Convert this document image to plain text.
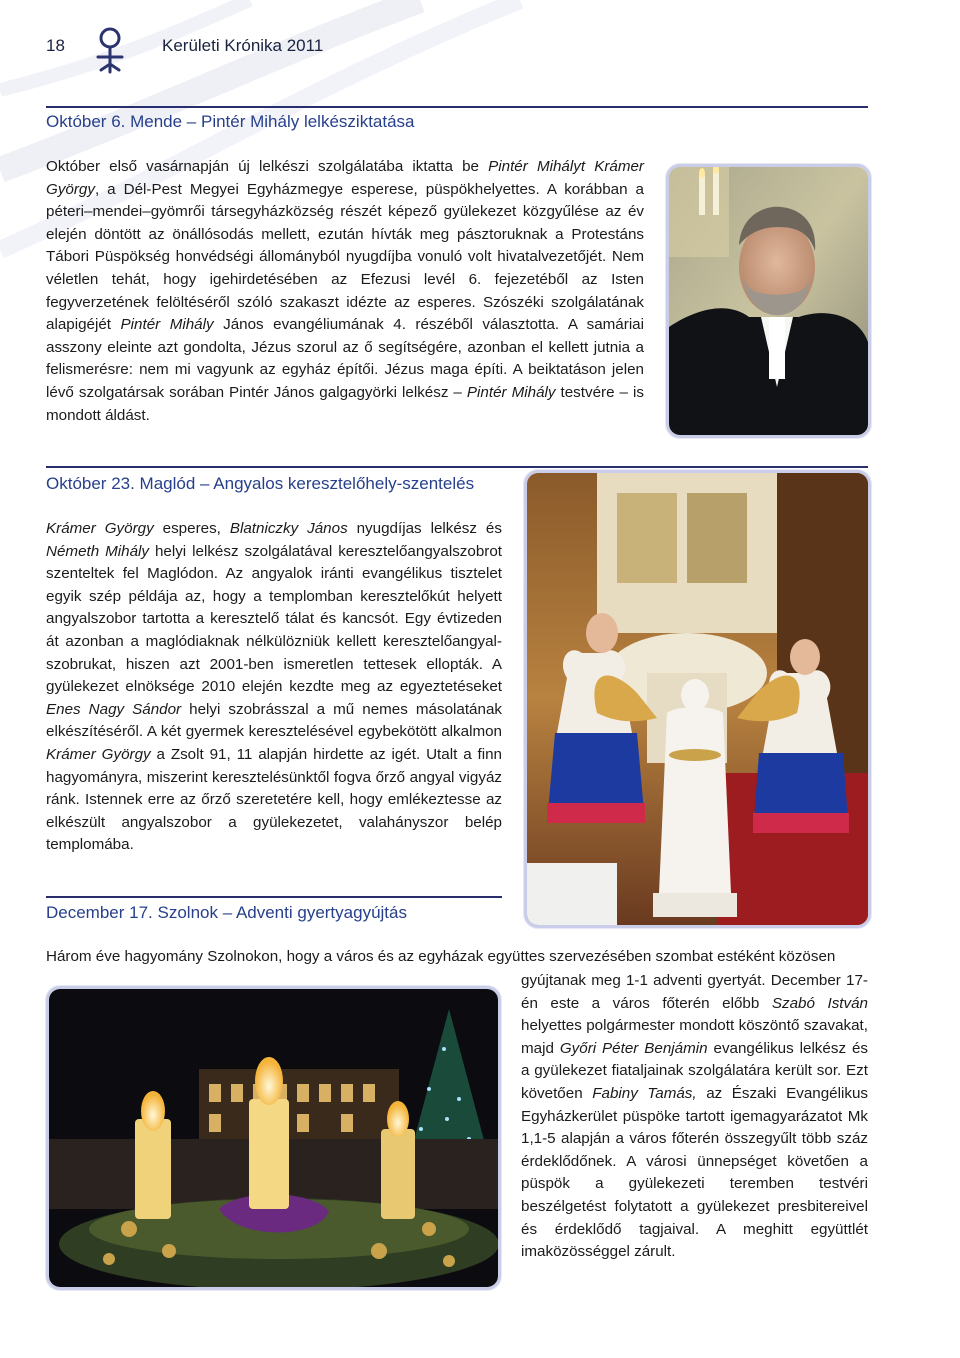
18	Kerületi Krónika 2011
Október 6. Mende – Pintér Mihály lelkésziktatása
Október első vasárnapján új lelkészi szolgálatába iktatta be Pintér Mihályt Krámer György, a Dél-Pest Megyei Egyházmegye esperese, püspökhelyettes. A korábban a péteri–mendei–gyömrői társegyházközség részét képező gyülekezet közgyűlése az év elején döntött az önállósodás mellett, ezután hívták meg pásztoruknak a Protestáns Tábori Püspökség honvédségi állományból nyugdíjba vonuló volt hivatalvezetőjét. Nem véletlen tehát, hogy igehirdetésében az Efezusi levél 6. fejezetéből az Isten fegyverzetének felöltéséről szóló szakaszt idézte az esperes. Szószéki szolgálatának alapigéjét Pintér Mihály János evangéliumának 4. részéből választotta. A samáriai asszony eleinte azt gondolta, Jézus szorul az ő segítségére, azonban el kellett jutnia a felismerésre: nem mi vagyunk az egyház építői. Jézus maga építi. A beiktatáson jelen lévő szolgatársak sorában Pintér János galgagyörki lelkész – Pintér Mihály testvére – is mondott áldást.
Október 23. Maglód – Angyalos keresztelőhely-szentelés
Krámer György esperes, Blatniczky János nyugdíjas lelkész és Németh Mihály helyi lelkész szolgálatával keresztelőangyalszobrot szenteltek fel Maglódon. Az angyalok iránti evangélikus tisztelet egyik szép példája az, hogy a templomban keresztelőkút helyett angyalszobor tartotta a keresztelő tálat és kancsót. Egy évtizeden át azonban a maglódiaknak nélkülözniük kellett keresztelőangyal-szobrukat, hiszen azt 2001-ben ismeretlen tettesek ellopták. A gyülekezet elnöksége 2010 elején kezdte meg az egyeztetéseket Enes Nagy Sándor helyi szobrásszal a mű nemes másolatának elkészítéséről. A két gyermek keresztelésével egybekötött alkalmon Krámer György a Zsolt 91, 11 alapján hirdette az igét. Utalt a finn hagyományra, miszerint keresztelésünktől fogva őrző angyal vigyáz ránk. Istennek erre az őrző szeretetére kell, hogy emlékeztesse az elkészült angyalszobor a gyülekezetet, valahányszor belép templomába.
December 17. Szolnok – Adventi gyertyagyújtás
Három éve hagyomány Szolnokon, hogy a város és az egyházak együttes szervezésében szombat estéként közösen
gyújtanak meg 1-1 adventi gyertyát. December 17-én este a város főterén előbb Szabó István helyettes polgármester mondott köszöntő szavakat, majd Győri Péter Benjámin evangélikus lelkész és a gyülekezet fiataljainak szolgálatára került sor. Ezt követően Fabiny Tamás, az Északi Evangélikus Egyházkerület püspöke tartott igemagyarázatot Mk 1,1-5 alapján a város főterén összegyűlt több száz érdeklődőnek. A városi ünnepséget követően a püspök a gyülekezeti teremben testvéri beszélgetést folytatott a gyülekezet presbitereivel és érdeklődő tagjaival. A meghitt együttlét imaközösséggel zárult.
